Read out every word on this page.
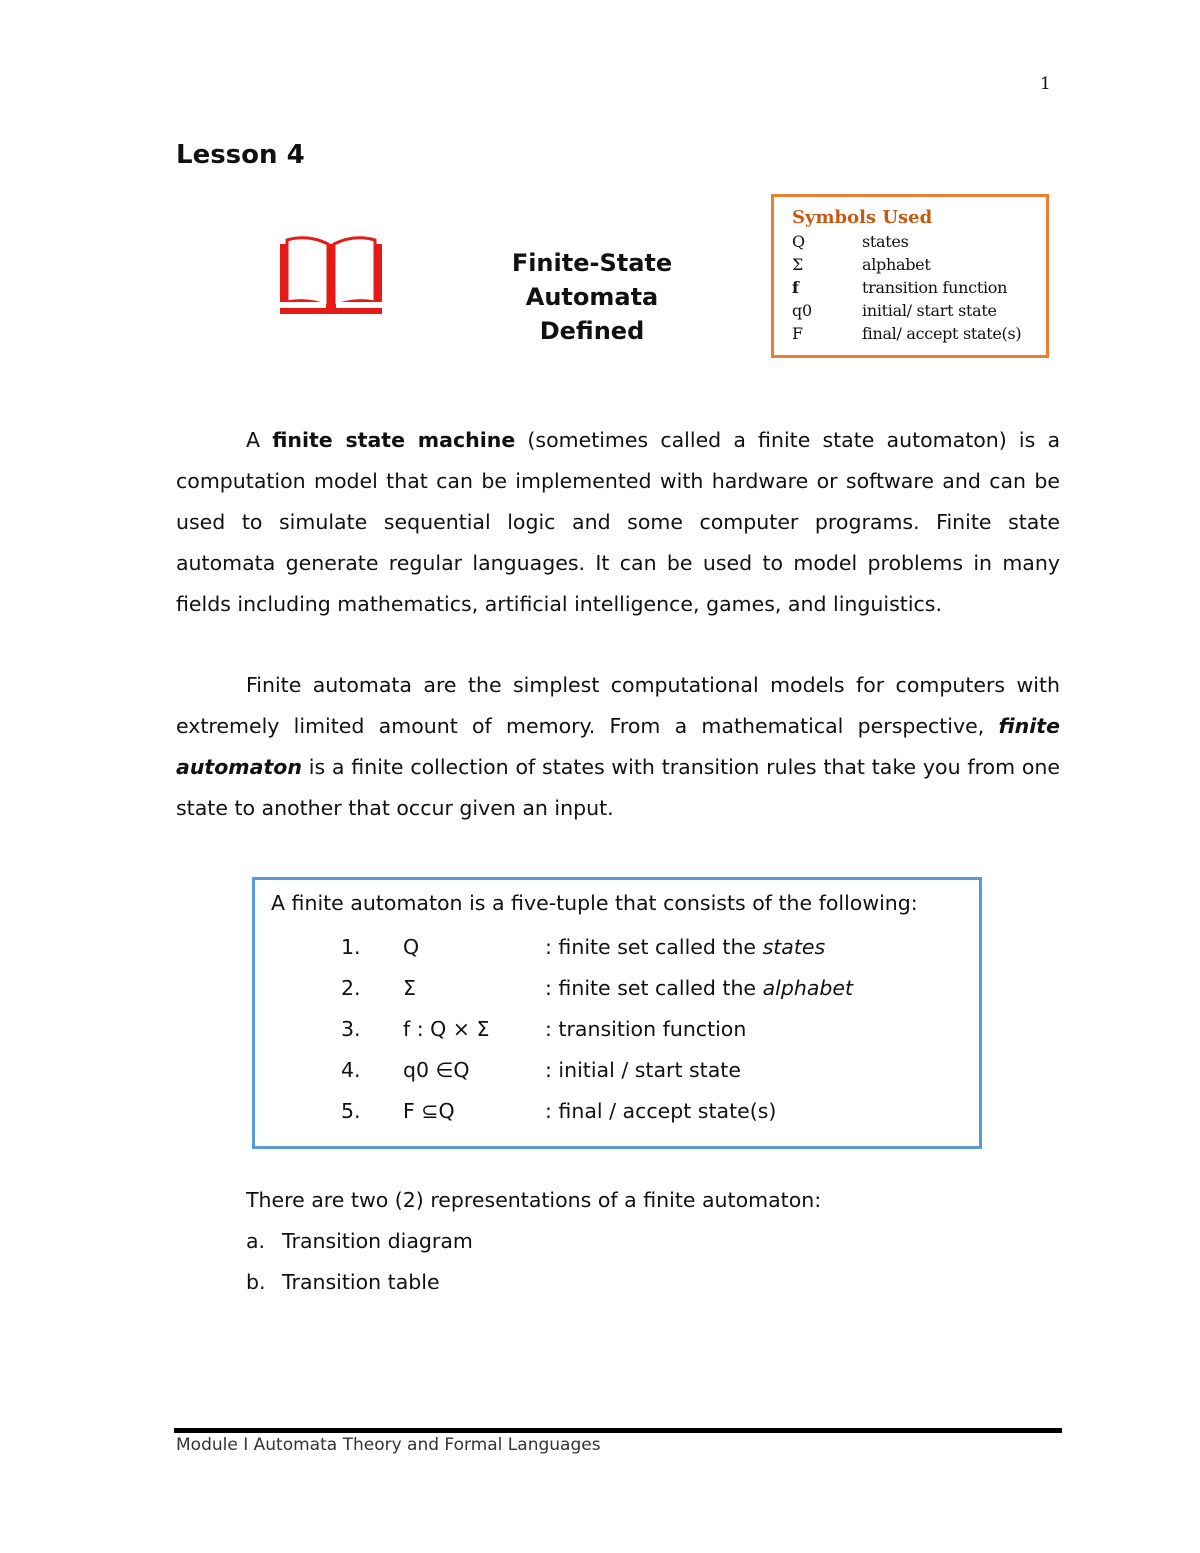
1
Lesson 4
Finite-State Automata
Defined
Symbols Used
Q	states
Σ	alphabet
f	transition function
q0	initial/ start state
F	final/ accept state(s)
A finite state machine (sometimes called a finite state automaton) is a computation model that can be implemented with hardware or software and can be used to simulate sequential logic and some computer programs. Finite state automata generate regular languages. It can be used to model problems in many fields including mathematics, artificial intelligence, games, and linguistics.
Finite automata are the simplest computational models for computers with extremely limited amount of memory. From a mathematical perspective, finite automaton is a finite collection of states with transition rules that take you from one state to another that occur given an input.
A finite automaton is a five-tuple that consists of the following:
1.	Q	: finite set called the states
2.	Σ	: finite set called the alphabet
3.	f : Q × Σ	: transition function
4.	q0 ∈Q	: initial / start state
5.	F ⊆Q	: final / accept state(s)
There are two (2) representations of a finite automaton:
a. Transition diagram
b. Transition table
Module I Automata Theory and Formal Languages
